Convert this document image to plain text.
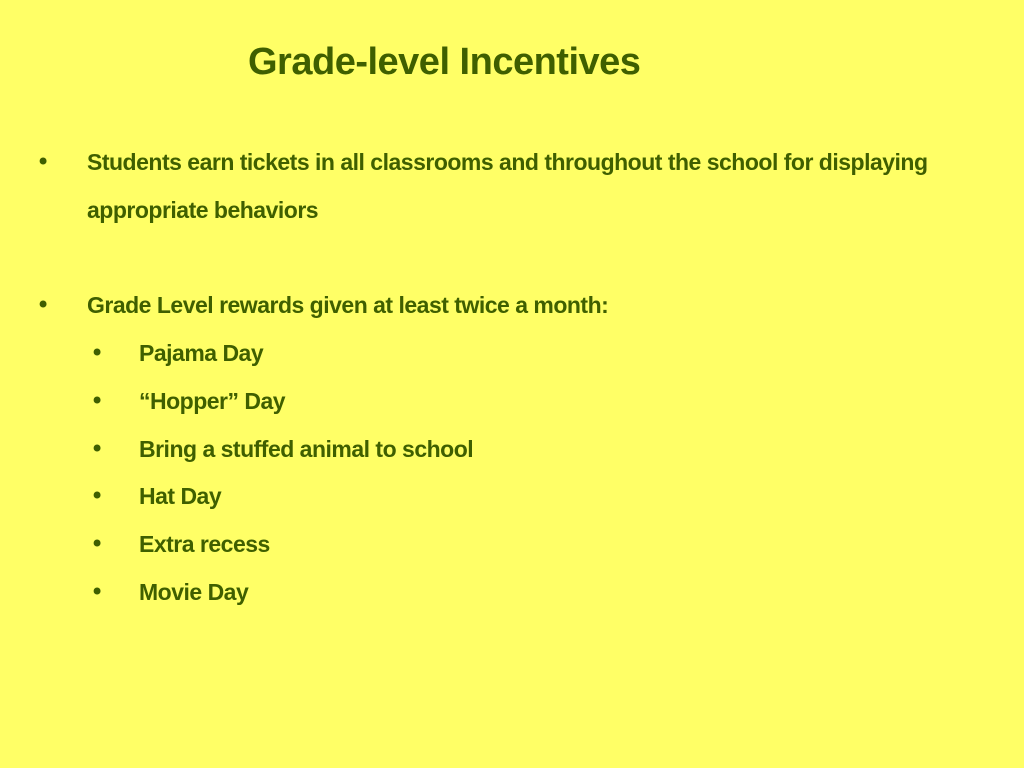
Grade-level Incentives
• Students earn tickets in all classrooms and throughout the school for displaying appropriate behaviors
• Grade Level rewards given at least twice a month:
• Pajama Day
• “Hopper” Day
• Bring a stuffed animal to school
• Hat Day
• Extra recess
• Movie Day
